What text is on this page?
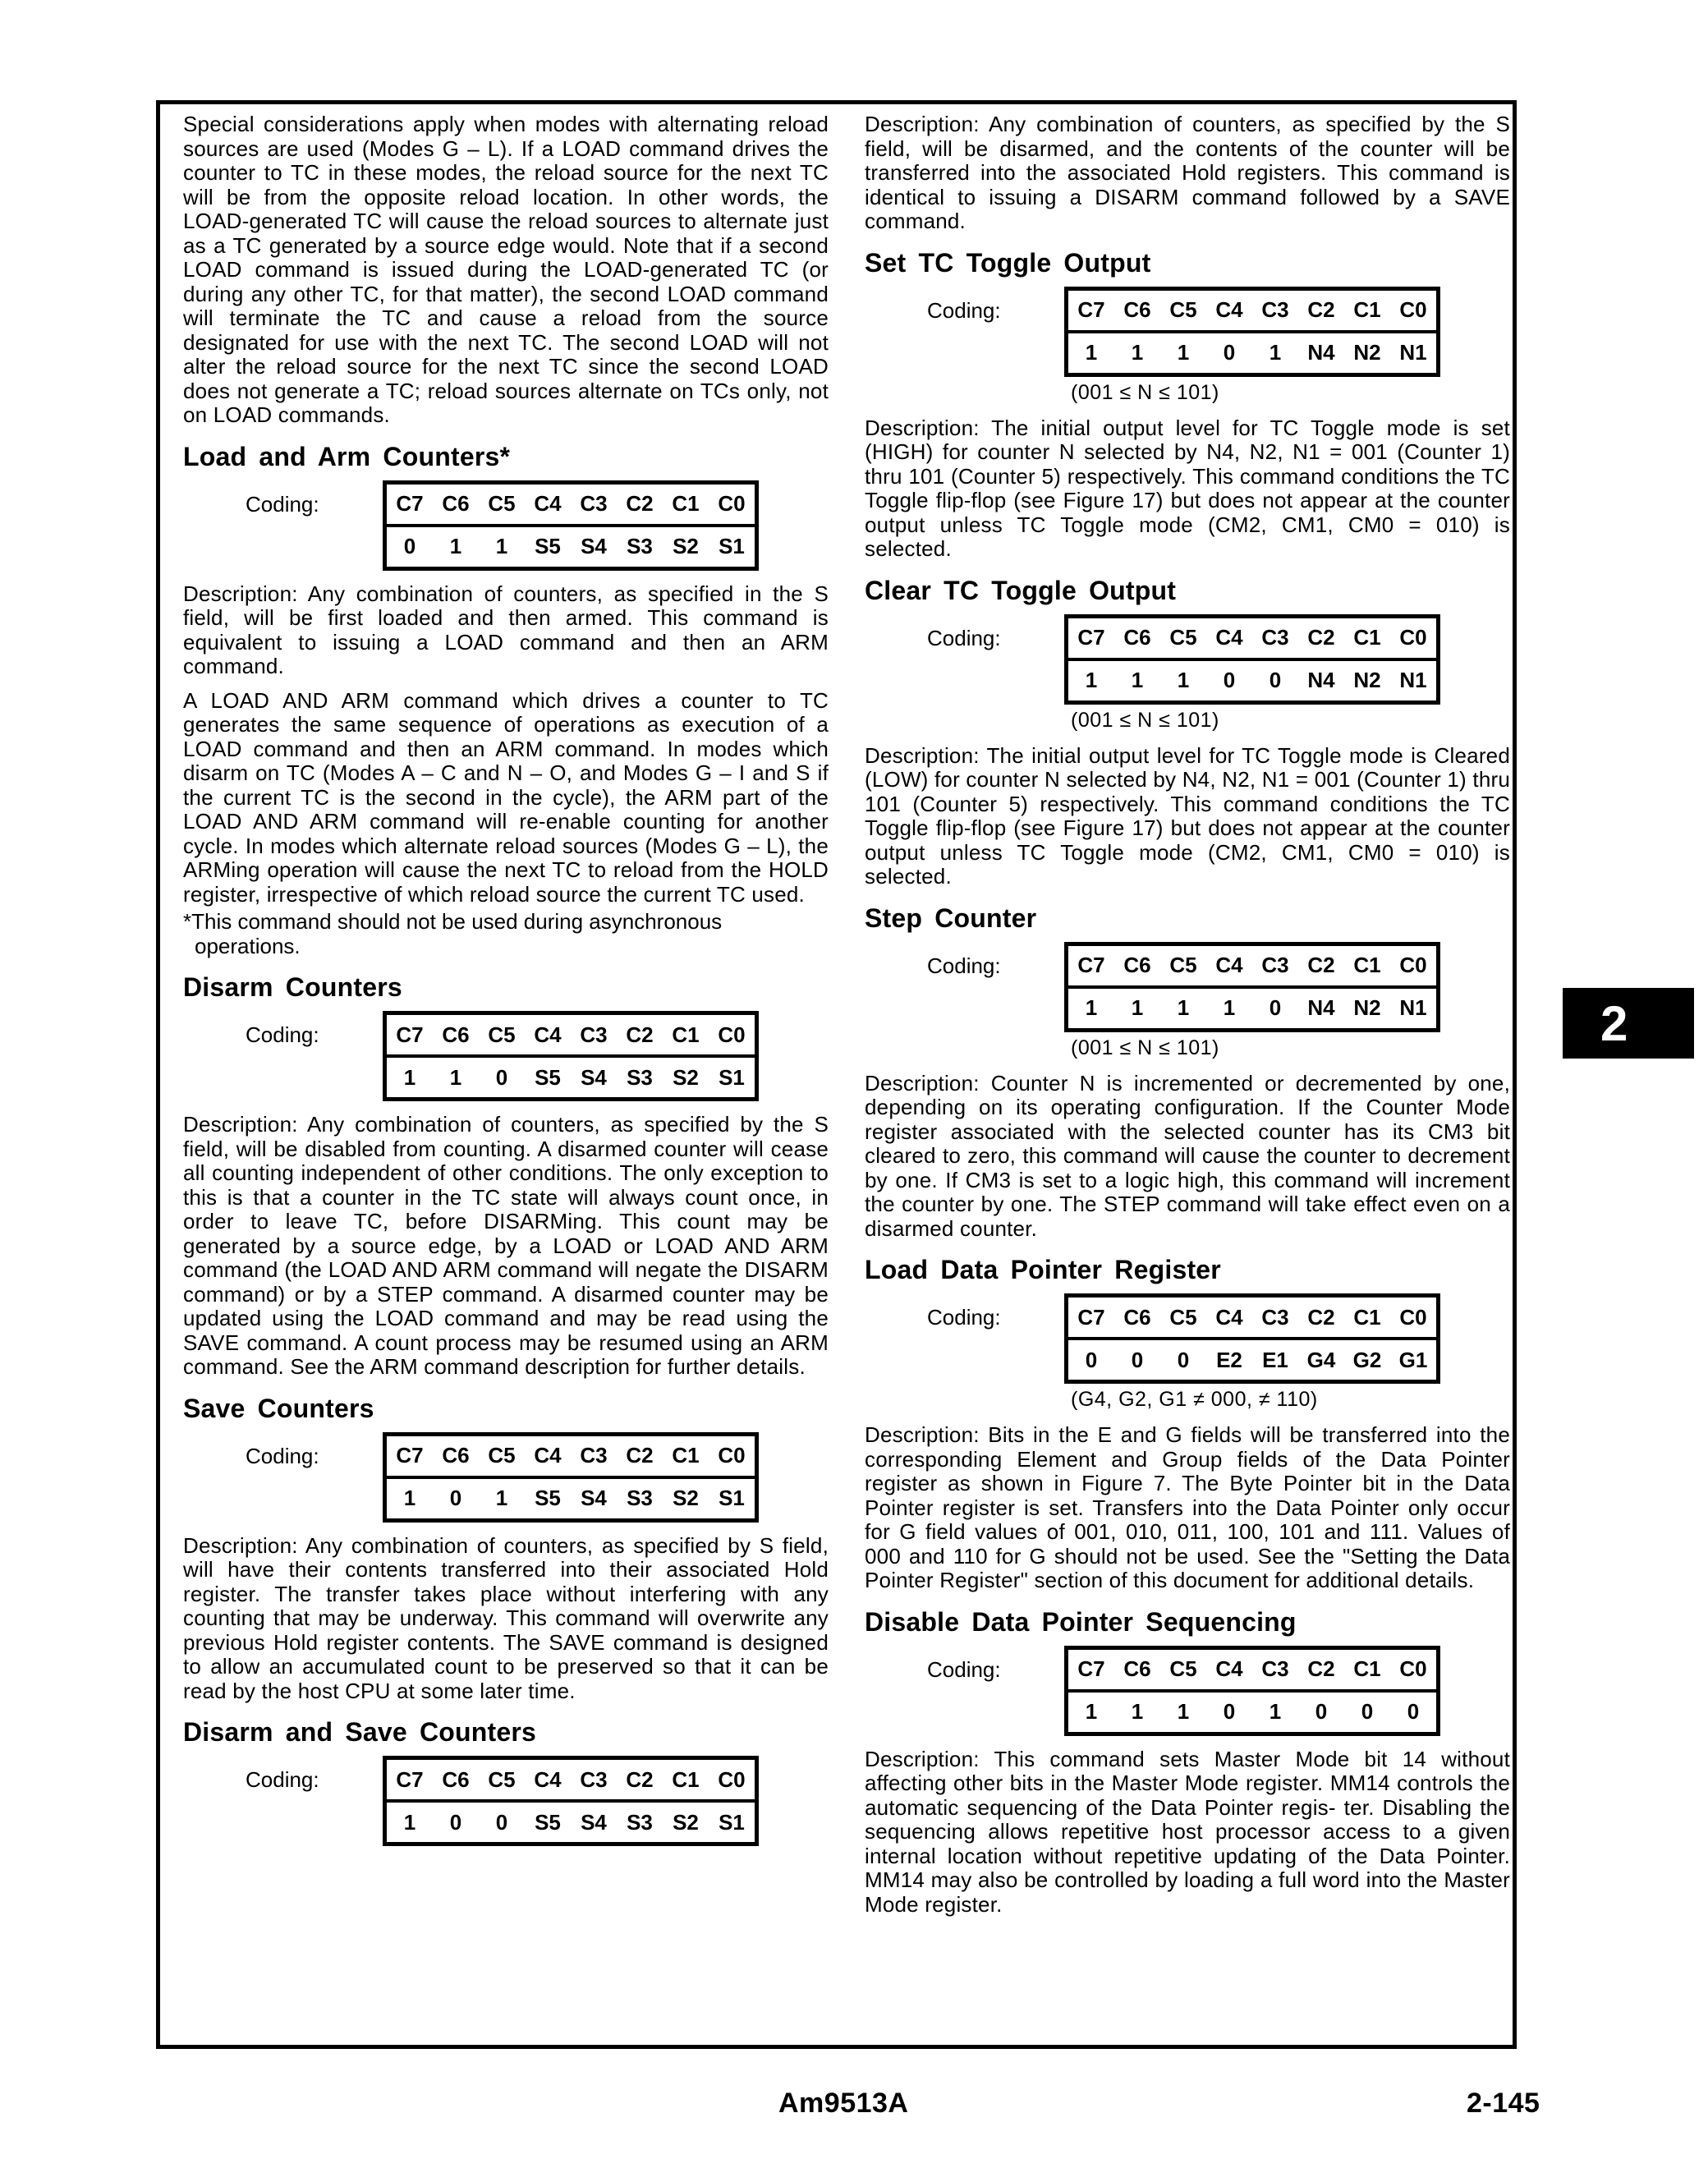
Special considerations apply when modes with alternating reload sources are used (Modes G – L). If a LOAD command drives the counter to TC in these modes, the reload source for the next TC will be from the opposite reload location. In other words, the LOAD-generated TC will cause the reload sources to alternate just as a TC generated by a source edge would. Note that if a second LOAD command is issued during the LOAD-generated TC (or during any other TC, for that matter), the second LOAD command will terminate the TC and cause a reload from the source designated for use with the next TC. The second LOAD will not alter the reload source for the next TC since the second LOAD does not generate a TC; reload sources alternate on TCs only, not on LOAD commands.

Load and Arm Counters*
Coding:	C7 C6 C5 C4 C3 C2 C1 C0
0	1	1	S5 S4 S3 S2 S1

Description: Any combination of counters, as specified in the S field, will be first loaded and then armed. This command is equivalent to issuing a LOAD command and then an ARM command.

A LOAD AND ARM command which drives a counter to TC generates the same sequence of operations as execution of a LOAD command and then an ARM command. In modes which disarm on TC (Modes A – C and N – O, and Modes G – I and S if the current TC is the second in the cycle), the ARM part of the LOAD AND ARM command will re-enable counting for another cycle. In modes which alternate reload sources (Modes G – L), the ARMing operation will cause the next TC to reload from the HOLD register, irrespective of which reload source the current TC used.

*This command should not be used during asynchronous operations.

Disarm Counters
Coding:	C7 C6 C5 C4 C3 C2 C1 C0
1	1	0	S5 S4 S3 S2 S1

Description: Any combination of counters, as specified by the S field, will be disabled from counting. A disarmed counter will cease all counting independent of other conditions. The only exception to this is that a counter in the TC state will always count once, in order to leave TC, before DISARMing. This count may be generated by a source edge, by a LOAD or LOAD AND ARM command (the LOAD AND ARM command will negate the DISARM command) or by a STEP command. A disarmed counter may be updated using the LOAD command and may be read using the SAVE command. A count process may be resumed using an ARM command. See the ARM command description for further details.

Save Counters
Coding:	C7 C6 C5 C4 C3 C2 C1 C0
1	0	1	S5 S4 S3 S2 S1

Description: Any combination of counters, as specified by S field, will have their contents transferred into their associated Hold register. The transfer takes place without interfering with any counting that may be underway. This command will overwrite any previous Hold register contents. The SAVE command is designed to allow an accumulated count to be preserved so that it can be read by the host CPU at some later time.

Disarm and Save Counters
Coding:	C7 C6 C5 C4 C3 C2 C1 C0
1	0	0	S5 S4 S3 S2 S1

Description: Any combination of counters, as specified by the S field, will be disarmed, and the contents of the counter will be transferred into the associated Hold registers. This command is identical to issuing a DISARM command followed by a SAVE command.

Set TC Toggle Output
Coding:	C7 C6 C5 C4 C3 C2 C1 C0
1	1	1	0	1	N4 N2 N1
(001 ≤ N ≤ 101)

Description: The initial output level for TC Toggle mode is set (HIGH) for counter N selected by N4, N2, N1 = 001 (Counter 1) thru 101 (Counter 5) respectively. This command conditions the TC Toggle flip-flop (see Figure 17) but does not appear at the counter output unless TC Toggle mode (CM2, CM1, CM0 = 010) is selected.

Clear TC Toggle Output
Coding:	C7 C6 C5 C4 C3 C2 C1 C0
1	1	1	0	0	N4 N2 N1
(001 ≤ N ≤ 101)

Description: The initial output level for TC Toggle mode is Cleared (LOW) for counter N selected by N4, N2, N1 = 001 (Counter 1) thru 101 (Counter 5) respectively. This command conditions the TC Toggle flip-flop (see Figure 17) but does not appear at the counter output unless TC Toggle mode (CM2, CM1, CM0 = 010) is selected.

Step Counter
Coding:	C7 C6 C5 C4 C3 C2 C1 C0
1	1	1	1	0	N4 N2 N1
(001 ≤ N ≤ 101)

Description: Counter N is incremented or decremented by one, depending on its operating configuration. If the Counter Mode register associated with the selected counter has its CM3 bit cleared to zero, this command will cause the counter to decrement by one. If CM3 is set to a logic high, this command will increment the counter by one. The STEP command will take effect even on a disarmed counter.

Load Data Pointer Register
Coding:	C7 C6 C5 C4 C3 C2 C1 C0
0	0	0	E2 E1 G4 G2 G1
(G4, G2, G1 ≠ 000, ≠ 110)

Description: Bits in the E and G fields will be transferred into the corresponding Element and Group fields of the Data Pointer register as shown in Figure 7. The Byte Pointer bit in the Data Pointer register is set. Transfers into the Data Pointer only occur for G field values of 001, 010, 011, 100, 101 and 111. Values of 000 and 110 for G should not be used. See the "Setting the Data Pointer Register" section of this document for additional details.

Disable Data Pointer Sequencing
Coding:	C7 C6 C5 C4 C3 C2 C1 C0
1	1	1	0	1	0	0	0

Description: This command sets Master Mode bit 14 without affecting other bits in the Master Mode register. MM14 controls the automatic sequencing of the Data Pointer regis- ter. Disabling the sequencing allows repetitive host processor access to a given internal location without repetitive updating of the Data Pointer. MM14 may also be controlled by loading a full word into the Master Mode register.

2
Am9513A	2-145
